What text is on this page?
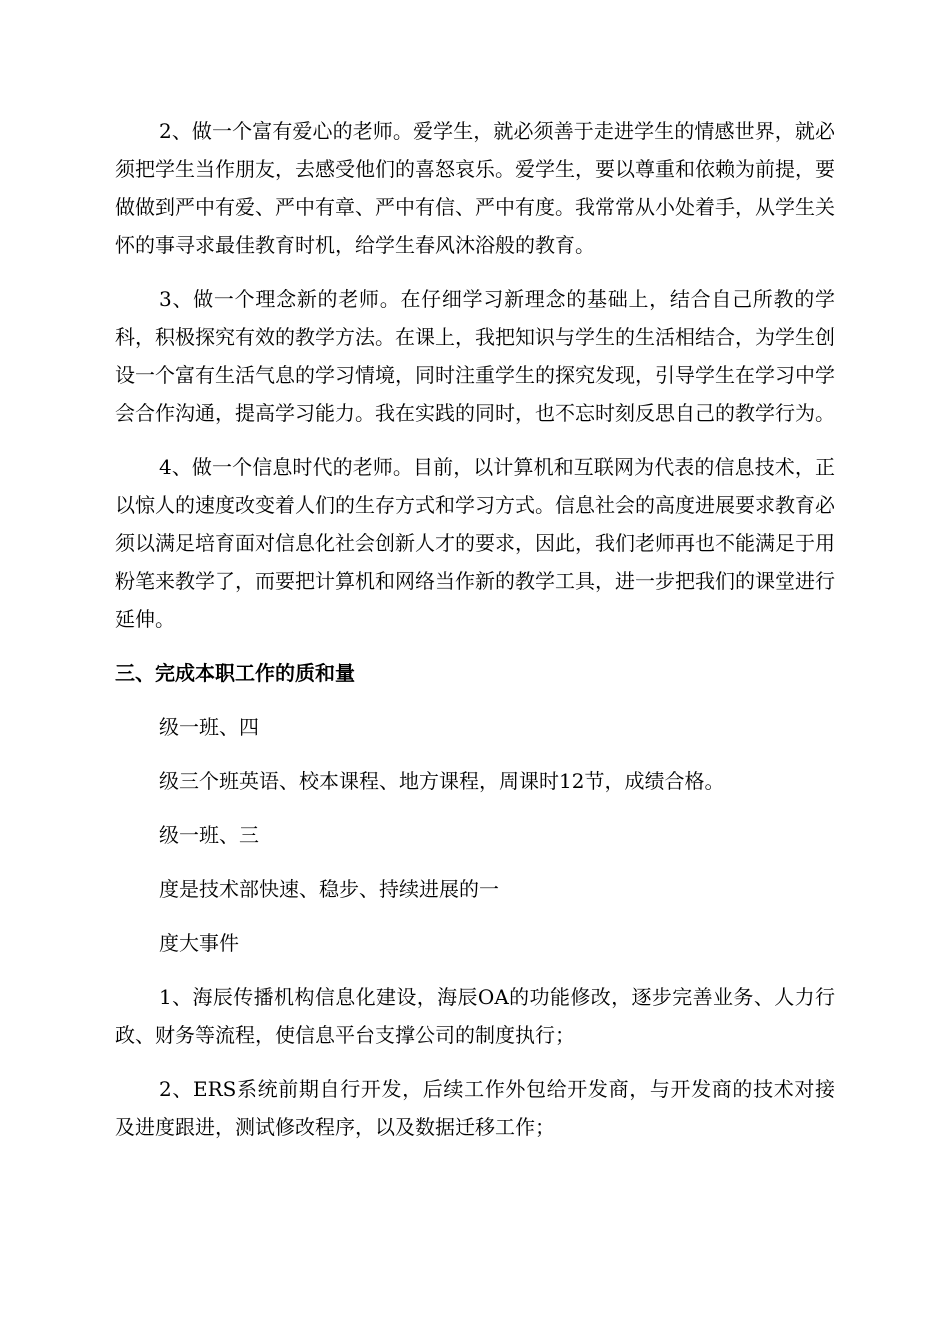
2、做一个富有爱心的老师。爱学生，就必须善于走进学生的情感世界，就必须把学生当作朋友，去感受他们的喜怒哀乐。爱学生，要以尊重和依赖为前提，要做做到严中有爱、严中有章、严中有信、严中有度。我常常从小处着手，从学生关怀的事寻求最佳教育时机，给学生春风沐浴般的教育。

3、做一个理念新的老师。在仔细学习新理念的基础上，结合自己所教的学科，积极探究有效的教学方法。在课上，我把知识与学生的生活相结合，为学生创设一个富有生活气息的学习情境，同时注重学生的探究发现，引导学生在学习中学会合作沟通，提高学习能力。我在实践的同时，也不忘时刻反思自己的教学行为。

4、做一个信息时代的老师。目前，以计算机和互联网为代表的信息技术，正以惊人的速度改变着人们的生存方式和学习方式。信息社会的高度进展要求教育必须以满足培育面对信息化社会创新人才的要求，因此，我们老师再也不能满足于用粉笔来教学了，而要把计算机和网络当作新的教学工具，进一步把我们的课堂进行延伸。

三、完成本职工作的质和量

级一班、四

级三个班英语、校本课程、地方课程，周课时12节，成绩合格。

级一班、三

度是技术部快速、稳步、持续进展的一

度大事件

1、海辰传播机构信息化建设，海辰OA的功能修改，逐步完善业务、人力行政、财务等流程，使信息平台支撑公司的制度执行；

2、ERS系统前期自行开发，后续工作外包给开发商，与开发商的技术对接及进度跟进，测试修改程序，以及数据迁移工作；
